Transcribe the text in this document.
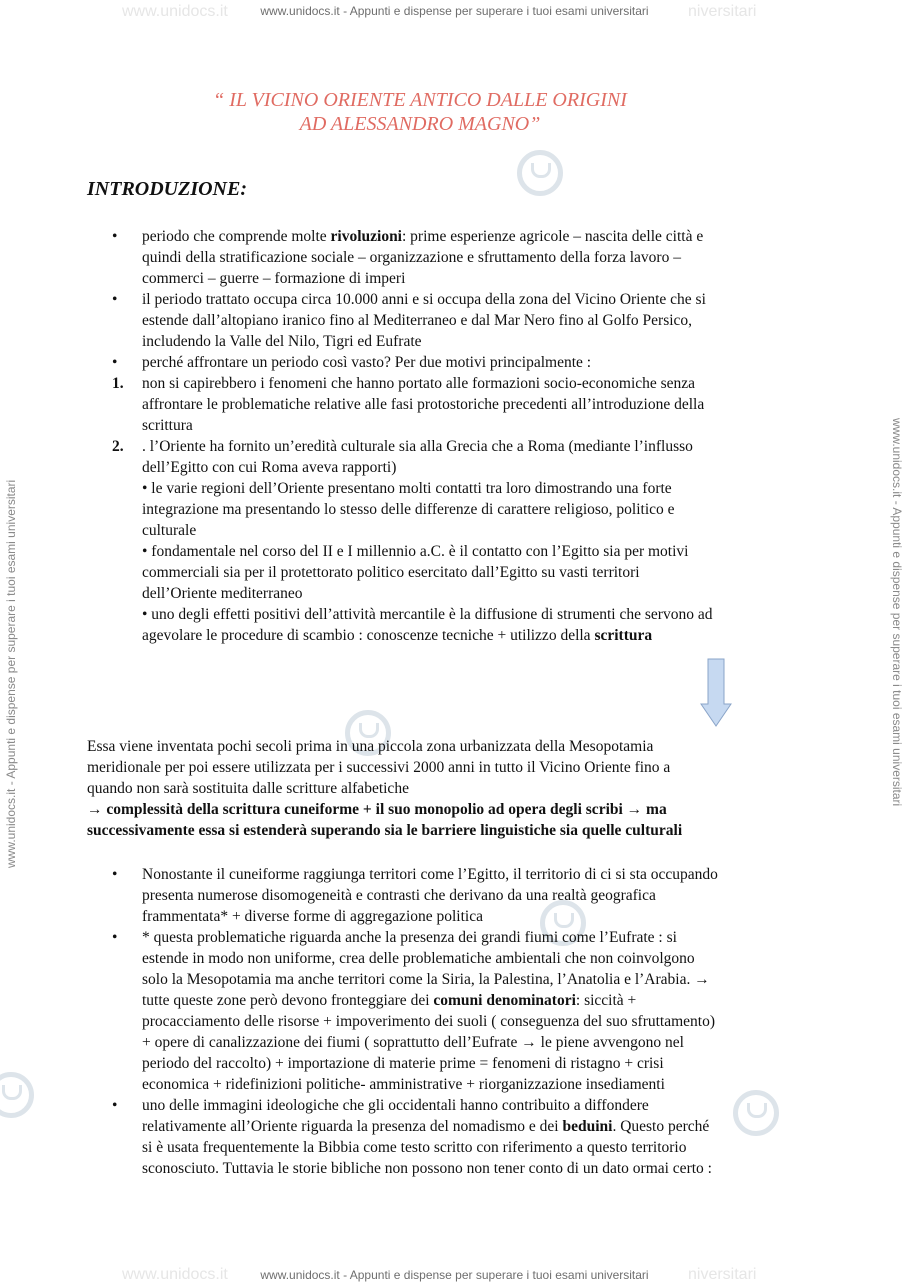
www.unidocs.it	niversitari
www.unidocs.it - Appunti e dispense per superare i tuoi esami universitari
www.unidocs.it	niversitari
www.unidocs.it - Appunti e dispense per superare i tuoi esami universitari
www.unidocs.it - Appunti e dispense per superare i tuoi esami universitari	www.unidocs.it - Appunti e dispense per superare i tuoi esami universitari
“ IL VICINO ORIENTE ANTICO DALLE ORIGINI
AD ALESSANDRO MAGNO”
INTRODUZIONE:
• periodo che comprende molte rivoluzioni: prime esperienze agricole – nascita delle città e
quindi della stratificazione sociale – organizzazione e sfruttamento della forza lavoro –
commerci – guerre – formazione di imperi
• il periodo trattato occupa circa 10.000 anni e si occupa della zona del Vicino Oriente che si
estende dall’altopiano iranico fino al Mediterraneo e dal Mar Nero fino al Golfo Persico,
includendo la Valle del Nilo, Tigri ed Eufrate
• perché affrontare un periodo così vasto? Per due motivi principalmente :
1. non si capirebbero i fenomeni che hanno portato alle formazioni socio-economiche senza
affrontare le problematiche relative alle fasi protostoriche precedenti all’introduzione della
scrittura
2. . l’Oriente ha fornito un’eredità culturale sia alla Grecia che a Roma (mediante l’influsso
dell’Egitto con cui Roma aveva rapporti)
• le varie regioni dell’Oriente presentano molti contatti tra loro dimostrando una forte
integrazione ma presentando lo stesso delle differenze di carattere religioso, politico e
culturale
• fondamentale nel corso del II e I millennio a.C. è il contatto con l’Egitto sia per motivi
commerciali sia per il protettorato politico esercitato dall’Egitto su vasti territori
dell’Oriente mediterraneo
• uno degli effetti positivi dell’attività mercantile è la diffusione di strumenti che servono ad
agevolare le procedure di scambio : conoscenze tecniche + utilizzo della scrittura
Essa viene inventata pochi secoli prima in una piccola zona urbanizzata della Mesopotamia
meridionale per poi essere utilizzata per i successivi 2000 anni in tutto il Vicino Oriente fino a
quando non sarà sostituita dalle scritture alfabetiche
→ complessità della scrittura cuneiforme + il suo monopolio ad opera degli scribi → ma
successivamente essa si estenderà superando sia le barriere linguistiche sia quelle culturali
• Nonostante il cuneiforme raggiunga territori come l’Egitto, il territorio di ci si sta occupando
presenta numerose disomogeneità e contrasti che derivano da una realtà geografica
frammentata* + diverse forme di aggregazione politica
• * questa problematiche riguarda anche la presenza dei grandi fiumi come l’Eufrate : si
estende in modo non uniforme, crea delle problematiche ambientali che non coinvolgono
solo la Mesopotamia ma anche territori come la Siria, la Palestina, l’Anatolia e l’Arabia. →
tutte queste zone però devono fronteggiare dei comuni denominatori: siccità +
procacciamento delle risorse + impoverimento dei suoli ( conseguenza del suo sfruttamento)
+ opere di canalizzazione dei fiumi ( soprattutto dell’Eufrate → le piene avvengono nel
periodo del raccolto) + importazione di materie prime = fenomeni di ristagno + crisi
economica + ridefinizioni politiche- amministrative + riorganizzazione insediamenti
• uno delle immagini ideologiche che gli occidentali hanno contribuito a diffondere
relativamente all’Oriente riguarda la presenza del nomadismo e dei beduini. Questo perché
si è usata frequentemente la Bibbia come testo scritto con riferimento a questo territorio
sconosciuto. Tuttavia le storie bibliche non possono non tener conto di un dato ormai certo :
